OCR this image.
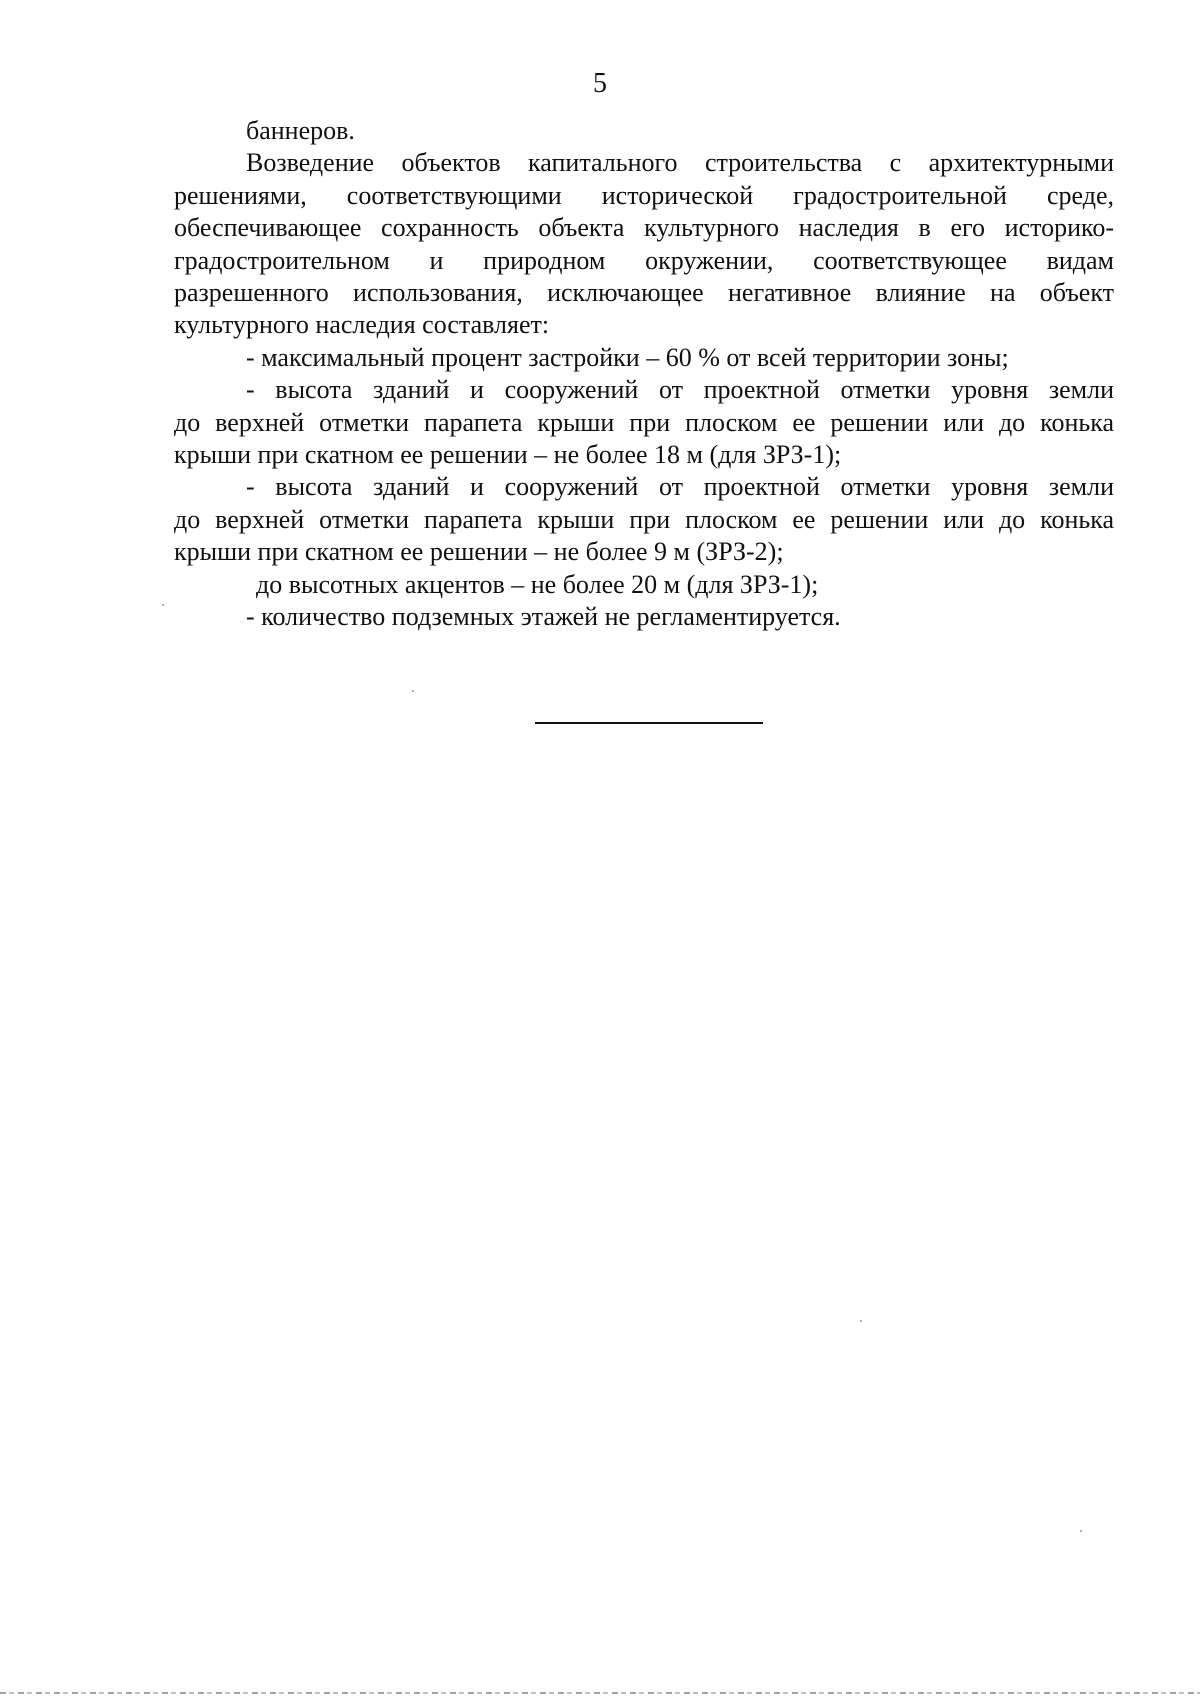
5
баннеров.
Возведение объектов капитального строительства с архитектурными
решениями, соответствующими исторической градостроительной среде,
обеспечивающее сохранность объекта культурного наследия в его историко-
градостроительном и природном окружении, соответствующее видам
разрешенного использования, исключающее негативное влияние на объект
культурного наследия составляет:
- максимальный процент застройки – 60 % от всей территории зоны;
- высота зданий и сооружений от проектной отметки уровня земли
до верхней отметки парапета крыши при плоском ее решении или до конька
крыши при скатном ее решении – не более 18 м (для ЗРЗ-1);
- высота зданий и сооружений от проектной отметки уровня земли
до верхней отметки парапета крыши при плоском ее решении или до конька
крыши при скатном ее решении – не более 9 м (ЗРЗ-2);
до высотных акцентов – не более 20 м (для ЗРЗ-1);
- количество подземных этажей не регламентируется.
